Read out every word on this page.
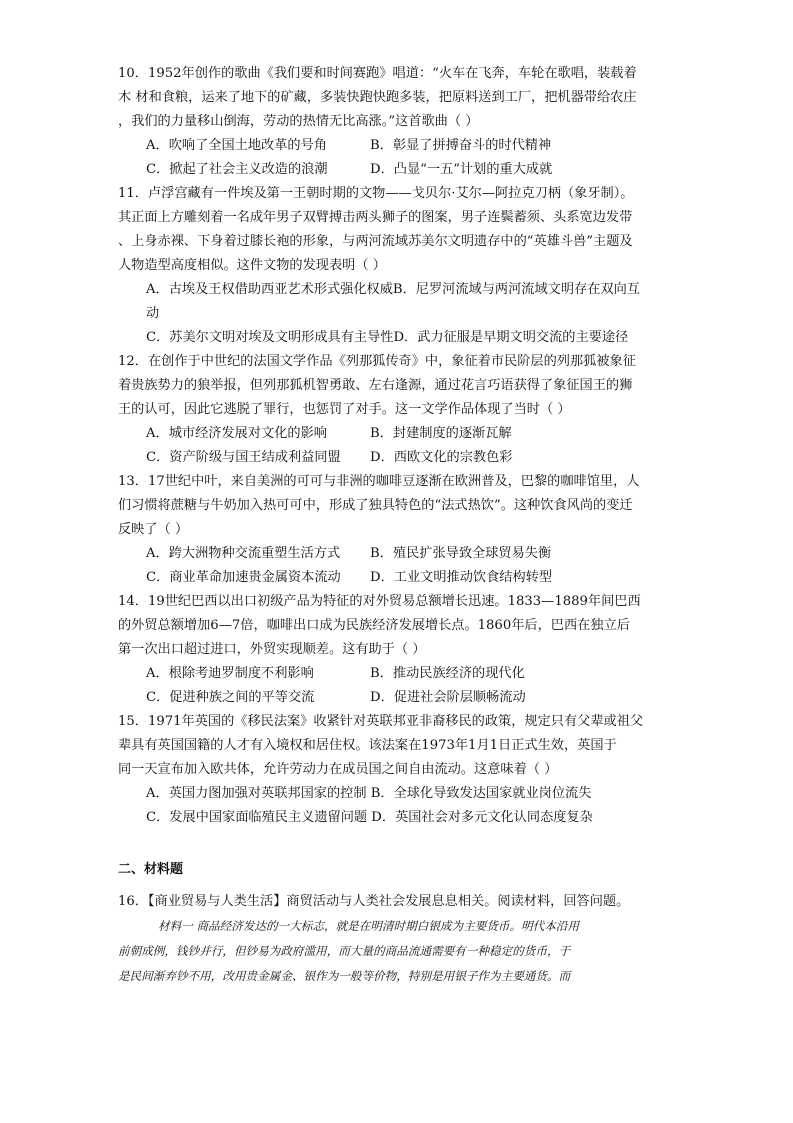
10．1952年创作的歌曲《我们要和时间赛跑》唱道：“火车在飞奔，车轮在歌唱，装载着
木 材和食粮，运来了地下的矿藏，多装快跑快跑多装，把原料送到工厂，把机器带给农庄
，我们的力量移山倒海，劳动的热情无比高涨。”这首歌曲（ ）
A．吹响了全国土地改革的号角	B．彰显了拼搏奋斗的时代精神
C．掀起了社会主义改造的浪潮	D．凸显“一五”计划的重大成就
11．卢浮宫藏有一件埃及第一王朝时期的文物——戈贝尔·艾尔—阿拉克刀柄（象牙制）。
其正面上方雕刻着一名成年男子双臂搏击两头狮子的图案，男子连鬓蓄须、头系宽边发带
、上身赤裸、下身着过膝长袍的形象，与两河流域苏美尔文明遗存中的“英雄斗兽”主题及
人物造型高度相似。这件文物的发现表明（ ）
A．古埃及王权借助西亚艺术形式强化权威B．尼罗河流域与两河流域文明存在双向互
动
C．苏美尔文明对埃及文明形成具有主导性D．武力征服是早期文明交流的主要途径
12．在创作于中世纪的法国文学作品《列那狐传奇》中，象征着市民阶层的列那狐被象征
着贵族势力的狼举报，但列那狐机智勇敢、左右逢源，通过花言巧语获得了象征国王的狮
王的认可，因此它逃脱了罪行，也惩罚了对手。这一文学作品体现了当时（ ）
A．城市经济发展对文化的影响	B．封建制度的逐渐瓦解
C．资产阶级与国王结成利益同盟	D．西欧文化的宗教色彩
13．17世纪中叶，来自美洲的可可与非洲的咖啡豆逐渐在欧洲普及，巴黎的咖啡馆里，人
们习惯将蔗糖与牛奶加入热可可中，形成了独具特色的“法式热饮”。这种饮食风尚的变迁
反映了（ ）
A．跨大洲物种交流重塑生活方式	B．殖民扩张导致全球贸易失衡
C．商业革命加速贵金属资本流动	D．工业文明推动饮食结构转型
14．19世纪巴西以出口初级产品为特征的对外贸易总额增长迅速。1833—1889年间巴西
的外贸总额增加6—7倍，咖啡出口成为民族经济发展增长点。1860年后，巴西在独立后
第一次出口超过进口，外贸实现顺差。这有助于（ ）
A．根除考迪罗制度不利影响	B．推动民族经济的现代化
C．促进种族之间的平等交流	D．促进社会阶层顺畅流动
15．1971年英国的《移民法案》收紧针对英联邦亚非裔移民的政策，规定只有父辈或祖父
辈具有英国国籍的人才有入境权和居住权。该法案在1973年1月1日正式生效，英国于
同一天宣布加入欧共体，允许劳动力在成员国之间自由流动。这意味着（ ）
A．英国力图加强对英联邦国家的控制 B．全球化导致发达国家就业岗位流失
C．发展中国家面临殖民主义遗留问题 D．英国社会对多元文化认同态度复杂
二、材料题
16．【商业贸易与人类生活】商贸活动与人类社会发展息息相关。阅读材料，回答问题。
材料一 商品经济发达的一大标志，就是在明清时期白银成为主要货币。明代本沿用
前朝成例，钱钞并行，但钞易为政府滥用，而大量的商品流通需要有一种稳定的货币，于
是民间渐弃钞不用，改用贵金属金、银作为一般等价物，特别是用银子作为主要通货。而
